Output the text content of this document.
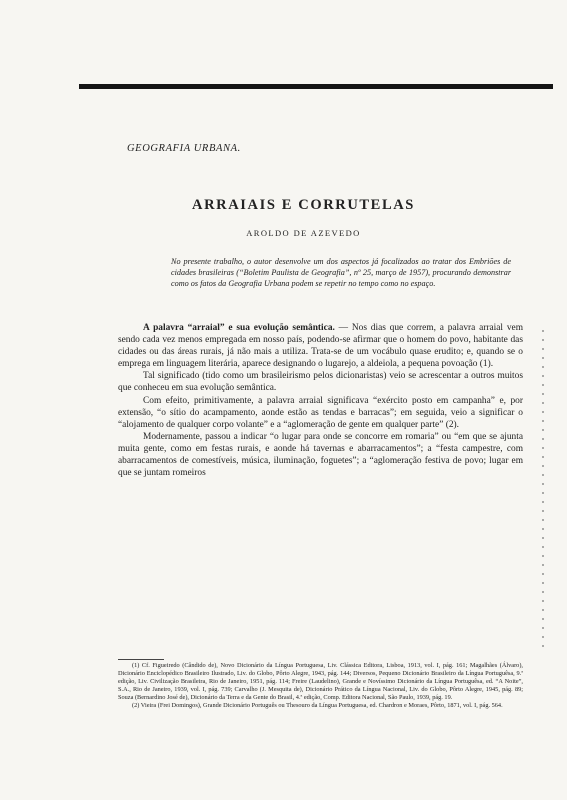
GEOGRAFIA URBANA.
ARRAIAIS E CORRUTELAS
AROLDO DE AZEVEDO
No presente trabalho, o autor desenvolve um dos aspectos já focalizados ao tratar dos Embriões de cidades brasileiras (“Boletim Paulista de Geografia”, nº 25, março de 1957), procurando demonstrar como os fatos da Geografia Urbana podem se repetir no tempo como no espaço.

A palavra “arraial” e sua evolução semântica. — Nos dias que correm, a palavra arraial vem sendo cada vez menos empregada em nosso país, podendo-se afirmar que o homem do povo, habitante das cidades ou das áreas rurais, já não mais a utiliza. Trata-se de um vocábulo quase erudito; e, quando se o emprega em linguagem literária, aparece designando o lugarejo, a aldeiola, a pequena povoação (1).

Tal significado (tido como um brasileirismo pelos dicionaristas) veio se acrescentar a outros muitos que conheceu em sua evolução semântica.

Com efeito, primitivamente, a palavra arraial significava “exército posto em campanha” e, por extensão, “o sítio do acampamento, aonde estão as tendas e barracas”; em seguida, veio a significar o “alojamento de qualquer corpo volante” e a “aglomeração de gente em qualquer parte” (2).

Modernamente, passou a indicar “o lugar para onde se concorre em romaria” ou “em que se ajunta muita gente, como em festas rurais, e aonde há tavernas e abarracamentos”; a “festa campestre, com abarracamentos de comestíveis, música, iluminação, foguetes”; a “aglomeração festiva de povo; lugar em que se juntam romeiros

(1) Cf. Figueiredo (Cândido de), Novo Dicionário da Língua Portuguesa, Liv. Clássica Editora, Lisboa, 1913, vol. I, pág. 161; Magalhães (Álvaro), Dicionário Enciclopédico Brasileiro Ilustrado, Liv. do Globo, Pôrto Alegre, 1943, pág. 144; Diversos, Pequeno Dicionário Brasileiro da Língua Portuguêsa, 9.ª edição, Liv. Civilização Brasileira, Rio de Janeiro, 1951, pág. 114; Freire (Laudelino), Grande e Novíssimo Dicionário da Língua Portuguêsa, ed. “A Noite”, S.A., Rio de Janeiro, 1939, vol. I, pág. 739; Carvalho (J. Mesquita de), Dicionário Prático da Língua Nacional, Liv. do Globo, Pôrto Alegre, 1945, pág. 89; Souza (Bernardino José de), Dicionário da Terra e da Gente do Brasil, 4.ª edição, Comp. Editora Nacional, São Paulo, 1939, pág. 19.

(2) Vieira (Frei Domingos), Grande Dicionário Português ou Thesouro da Língua Portuguesa, ed. Chardron e Moraes, Pôrto, 1871, vol. I, pág. 564.
